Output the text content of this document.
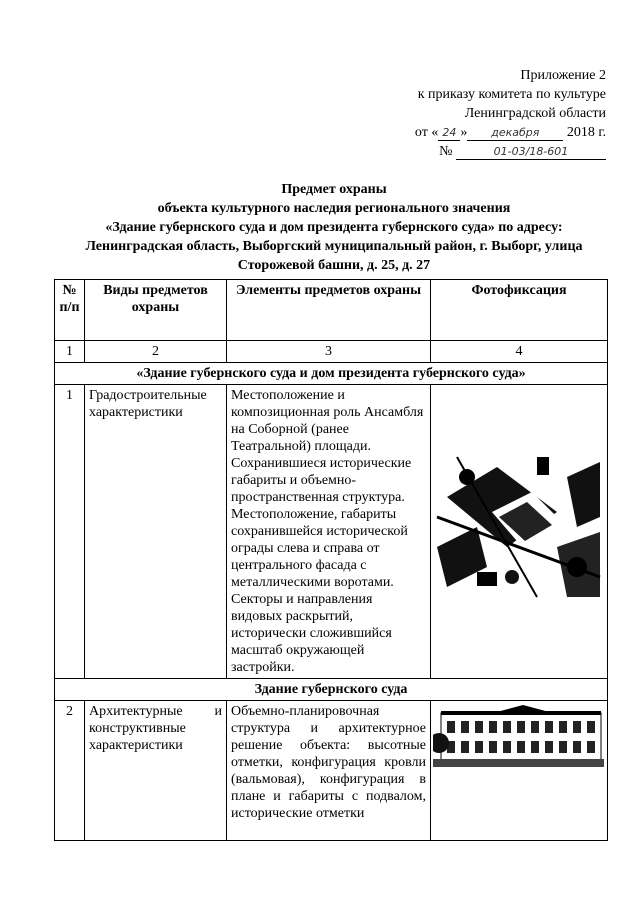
Приложение 2
к приказу комитета по культуре
Ленинградской области
от « 24 » декабря 2018 г.
№	01-03/18-601
Предмет охраны
объекта культурного наследия регионального значения
«Здание губернского суда и дом президента губернского суда» по адресу:
Ленинградская область, Выборгский муниципальный район, г. Выборг, улица
Сторожевой башни, д. 25, д. 27
№ п/п	Виды предметов охраны	Элементы предметов охраны	Фотофиксация
1	2	3	4
«Здание губернского суда и дом президента губернского суда»			
1	Градостроительные характеристики	Местоположение и композиционная роль Ансамбля на Соборной (ранее Театральной) площади. Сохранившиеся исторические габариты и объемно-пространственная структура. Местоположение, габариты сохранившейся исторической ограды слева и справа от центрального фасада с металлическими воротами. Секторы и направления видовых раскрытий, исторически сложившийся масштаб окружающей застройки.	

Здание губернского суда			
2	Архитектурные и конструктивные характеристики	Объемно-планировочная структура и архитектурное решение объекта: высотные отметки, конфигурация кровли (вальмовая), конфигурация в плане и габариты с подвалом, исторические отметки	
